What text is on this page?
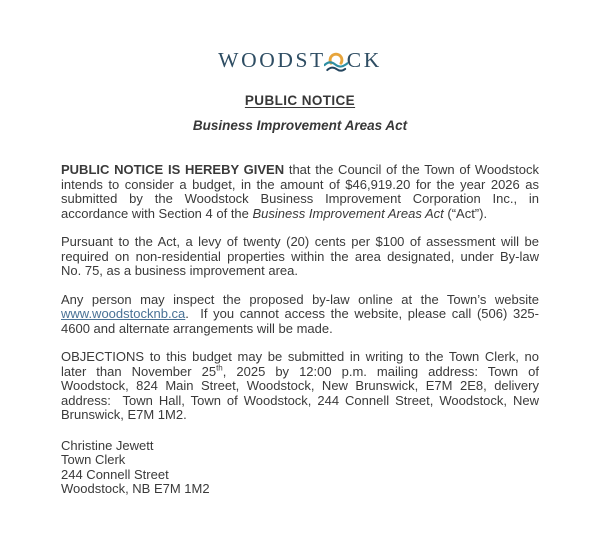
WOODST CK
PUBLIC NOTICE
Business Improvement Areas Act

PUBLIC NOTICE IS HEREBY GIVEN that the Council of the Town of Woodstock intends to consider a budget, in the amount of $46,919.20 for the year 2026 as submitted by the Woodstock Business Improvement Corporation Inc., in accordance with Section 4 of the Business Improvement Areas Act (“Act”).

Pursuant to the Act, a levy of twenty (20) cents per $100 of assessment will be required on non-residential properties within the area designated, under By-law No. 75, as a business improvement area.

Any person may inspect the proposed by-law online at the Town’s website www.woodstocknb.ca.  If you cannot access the website, please call (506) 325-4600 and alternate arrangements will be made.

OBJECTIONS to this budget may be submitted in writing to the Town Clerk, no later than November 25th, 2025 by 12:00 p.m. mailing address: Town of Woodstock, 824 Main Street, Woodstock, New Brunswick, E7M 2E8, delivery address:  Town Hall, Town of Woodstock, 244 Connell Street, Woodstock, New Brunswick, E7M 1M2.

Christine Jewett
Town Clerk
244 Connell Street
Woodstock, NB E7M 1M2
